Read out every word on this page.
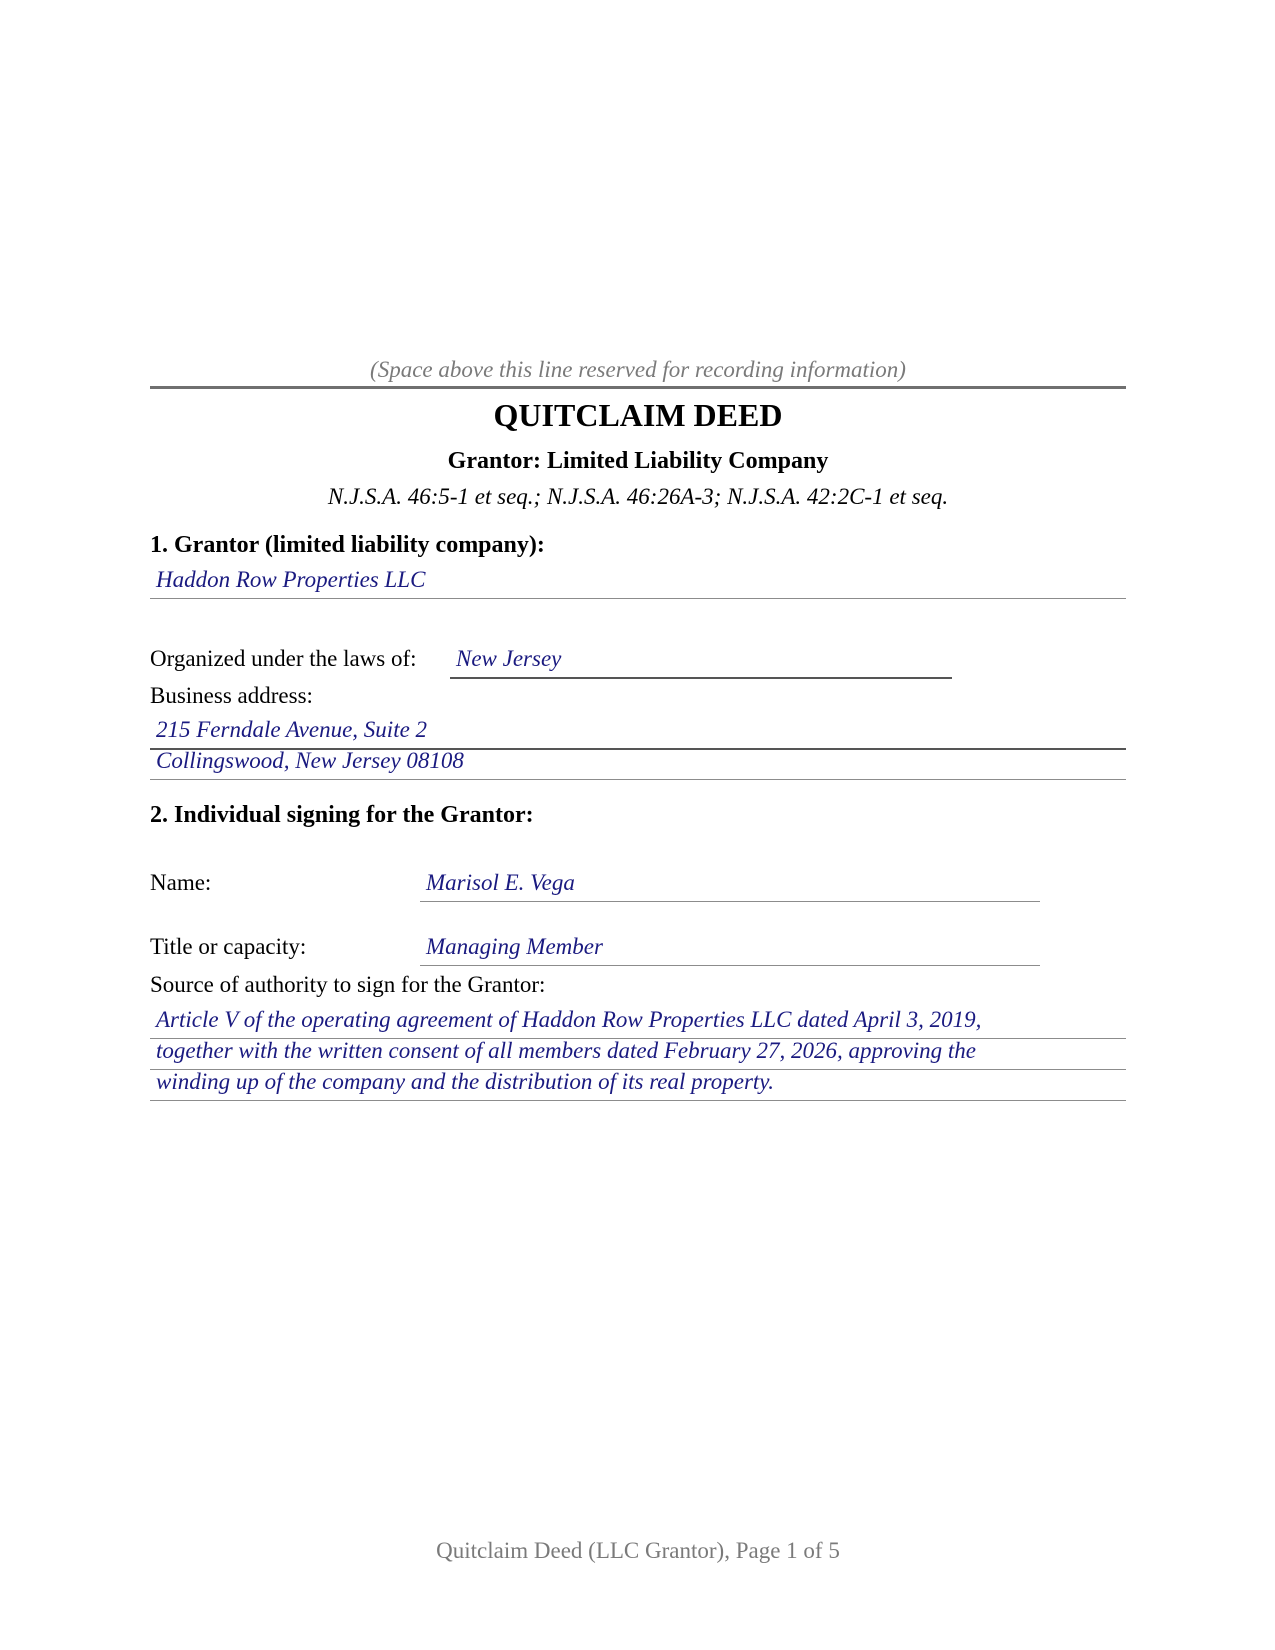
(Space above this line reserved for recording information)
QUITCLAIM DEED
Grantor: Limited Liability Company
N.J.S.A. 46:5-1 et seq.; N.J.S.A. 46:26A-3; N.J.S.A. 42:2C-1 et seq.
1. Grantor (limited liability company):
Haddon Row Properties LLC
Organized under the laws of: New Jersey
Business address:
215 Ferndale Avenue, Suite 2
Collingswood, New Jersey 08108
2. Individual signing for the Grantor:
Name:	Marisol E. Vega
Title or capacity:	Managing Member
Source of authority to sign for the Grantor:
Article V of the operating agreement of Haddon Row Properties LLC dated April 3, 2019,
together with the written consent of all members dated February 27, 2026, approving the
winding up of the company and the distribution of its real property.
Quitclaim Deed (LLC Grantor), Page 1 of 5
